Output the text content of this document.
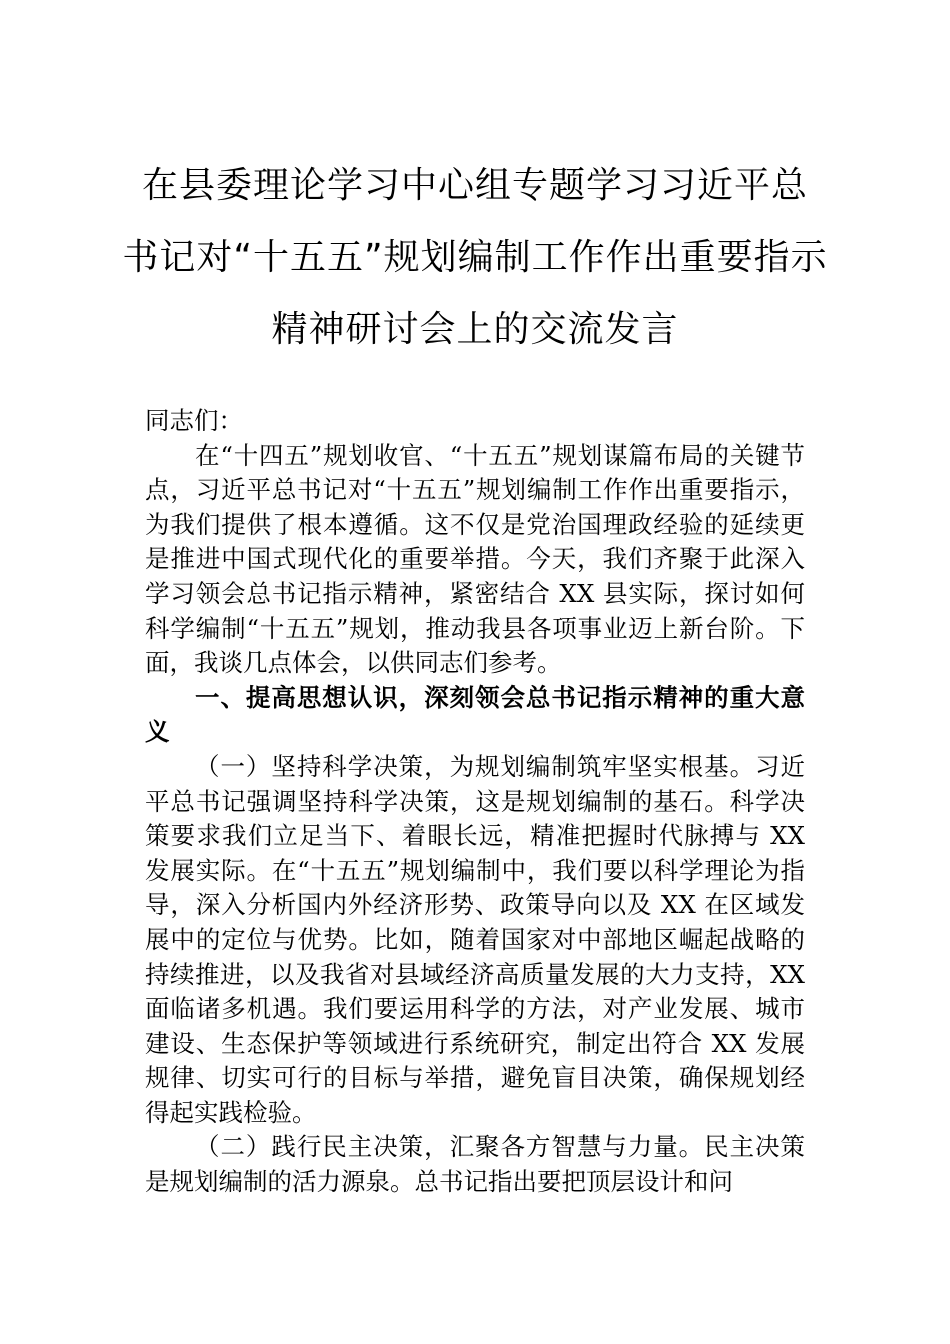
在县委理论学习中心组专题学习习近平总
书记对“十五五”规划编制工作作出重要指示
精神研讨会上的交流发言

同志们：

在“十四五”规划收官、“十五五”规划谋篇布局的关键节点，习近平总书记对“十五五”规划编制工作作出重要指示，为我们提供了根本遵循。这不仅是党治国理政经验的延续更是推进中国式现代化的重要举措。今天，我们齐聚于此深入学习领会总书记指示精神，紧密结合 XX 县实际，探讨如何科学编制“十五五”规划，推动我县各项事业迈上新台阶。下面，我谈几点体会，以供同志们参考。

一、提高思想认识，深刻领会总书记指示精神的重大意义

（一）坚持科学决策，为规划编制筑牢坚实根基。习近平总书记强调坚持科学决策，这是规划编制的基石。科学决策要求我们立足当下、着眼长远，精准把握时代脉搏与 XX 发展实际。在“十五五”规划编制中，我们要以科学理论为指导，深入分析国内外经济形势、政策导向以及 XX 在区域发展中的定位与优势。比如，随着国家对中部地区崛起战略的持续推进，以及我省对县域经济高质量发展的大力支持，XX 面临诸多机遇。我们要运用科学的方法，对产业发展、城市建设、生态保护等领域进行系统研究，制定出符合 XX 发展规律、切实可行的目标与举措，避免盲目决策，确保规划经得起实践检验。

（二）践行民主决策，汇聚各方智慧与力量。民主决策是规划编制的活力源泉。总书记指出要把顶层设计和问
